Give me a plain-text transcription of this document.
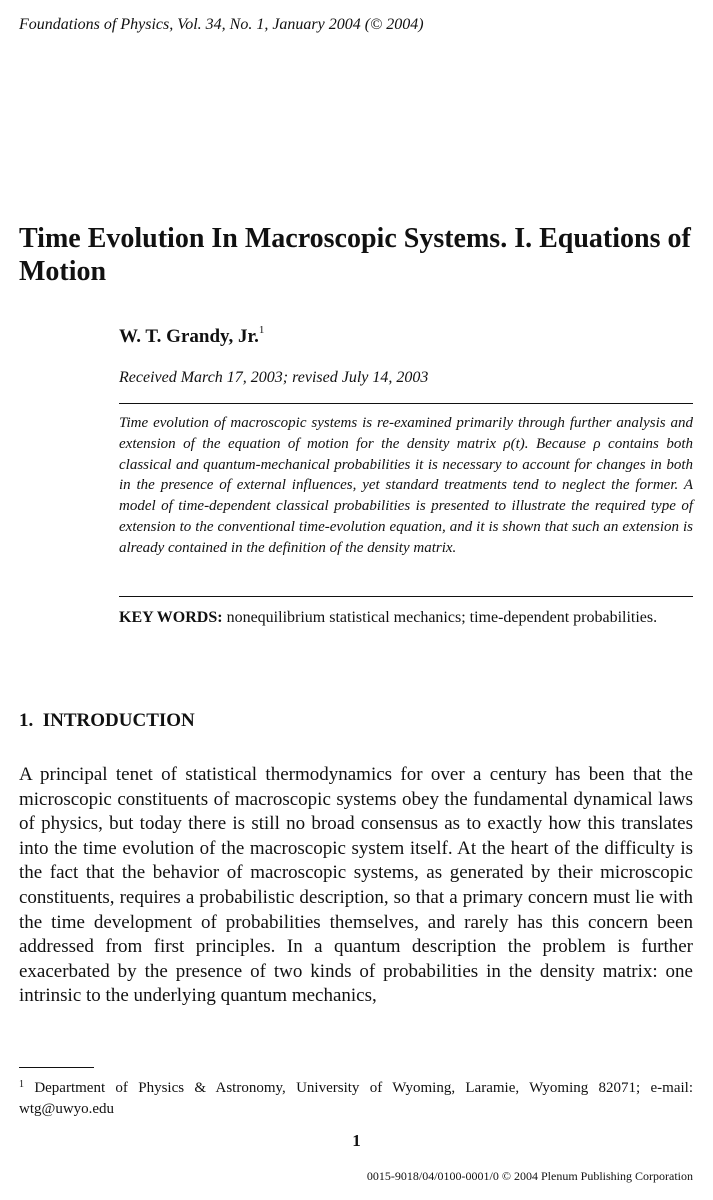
Foundations of Physics, Vol. 34, No. 1, January 2004 (© 2004)
Time Evolution In Macroscopic Systems. I. Equations of Motion
W. T. Grandy, Jr.$^1$
Received March 17, 2003; revised July 14, 2003
Time evolution of macroscopic systems is re-examined primarily through further analysis and extension of the equation of motion for the density matrix ρ(t). Because ρ contains both classical and quantum-mechanical probabilities it is necessary to account for changes in both in the presence of external influences, yet standard treatments tend to neglect the former. A model of time-dependent classical probabilities is presented to illustrate the required type of extension to the conventional time-evolution equation, and it is shown that such an extension is already contained in the definition of the density matrix.
KEY WORDS: nonequilibrium statistical mechanics; time-dependent probabilities.
1. INTRODUCTION
A principal tenet of statistical thermodynamics for over a century has been that the microscopic constituents of macroscopic systems obey the fundamental dynamical laws of physics, but today there is still no broad consensus as to exactly how this translates into the time evolution of the macroscopic system itself. At the heart of the difficulty is the fact that the behavior of macroscopic systems, as generated by their microscopic constituents, requires a probabilistic description, so that a primary concern must lie with the time development of probabilities themselves, and rarely has this concern been addressed from first principles. In a quantum description the problem is further exacerbated by the presence of two kinds of probabilities in the density matrix: one intrinsic to the underlying quantum mechanics,
$^1$ Department of Physics & Astronomy, University of Wyoming, Laramie, Wyoming 82071; e-mail: wtg@uwyo.edu
1
0015-9018/04/0100-0001/0 © 2004 Plenum Publishing Corporation
